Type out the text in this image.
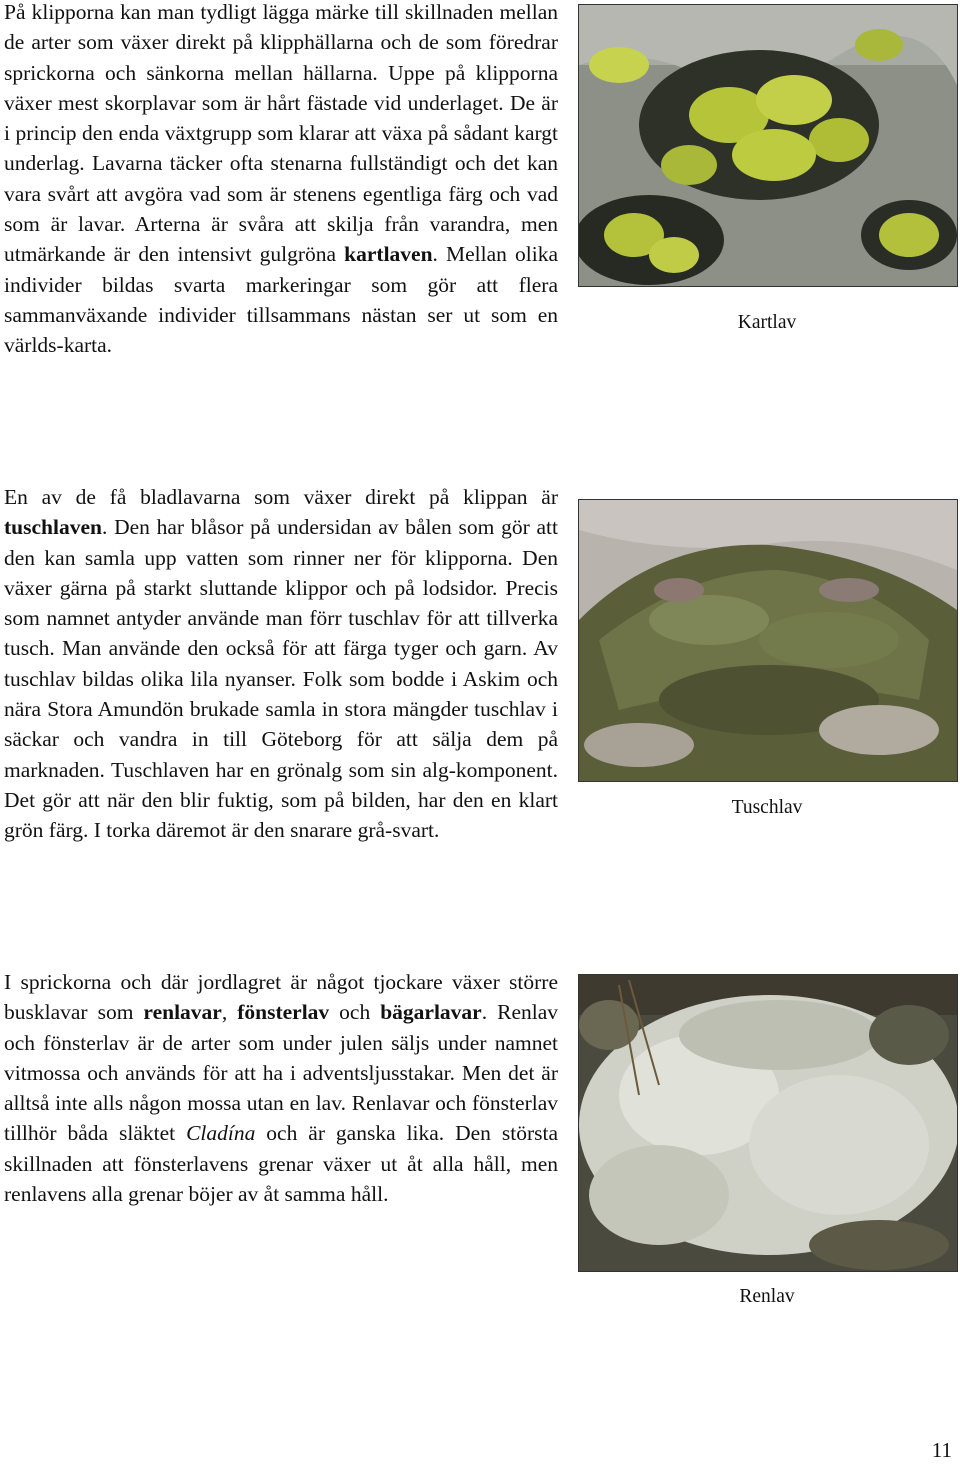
På klipporna kan man tydligt lägga märke till skillnaden mellan de arter som växer direkt på klipphällarna och de som föredrar sprickorna och sänkorna mellan hällarna. Uppe på klipporna växer mest skorplavar som är hårt fästade vid underlaget. De är i princip den enda växtgrupp som klarar att växa på sådant kargt underlag. Lavarna täcker ofta stenarna fullständigt och det kan vara svårt att avgöra vad som är stenens egentliga färg och vad som är lavar. Arterna är svåra att skilja från varandra, men utmärkande är den intensivt gulgröna kartlaven. Mellan olika individer bildas svarta markeringar som gör att flera sammanväxande individer tillsammans nästan ser ut som en världs-karta.

En av de få bladlavarna som växer direkt på klippan är tuschlaven. Den har blåsor på undersidan av bålen som gör att den kan samla upp vatten som rinner ner för klipporna. Den växer gärna på starkt sluttande klippor och på lodsidor. Precis som namnet antyder använde man förr tuschlav för att tillverka tusch. Man använde den också för att färga tyger och garn. Av tuschlav bildas olika lila nyanser. Folk som bodde i Askim och nära Stora Amundön brukade samla in stora mängder tuschlav i säckar och vandra in till Göteborg för att sälja dem på marknaden. Tuschlaven har en grönalg som sin alg-komponent. Det gör att när den blir fuktig, som på bilden, har den en klart grön färg. I torka däremot är den snarare grå-svart.

I sprickorna och där jordlagret är något tjockare växer större busklavar som renlavar, fönsterlav och bägarlavar. Renlav och fönsterlav är de arter som under julen säljs under namnet vitmossa och används för att ha i adventsljusstakar. Men det är alltså inte alls någon mossa utan en lav. Renlavar och fönsterlav tillhör båda släktet Cladína och är ganska lika. Den största skillnaden att fönsterlavens grenar växer ut åt alla håll, men renlavens alla grenar böjer av åt samma håll.

Kartlav
Tuschlav
Renlav
11
